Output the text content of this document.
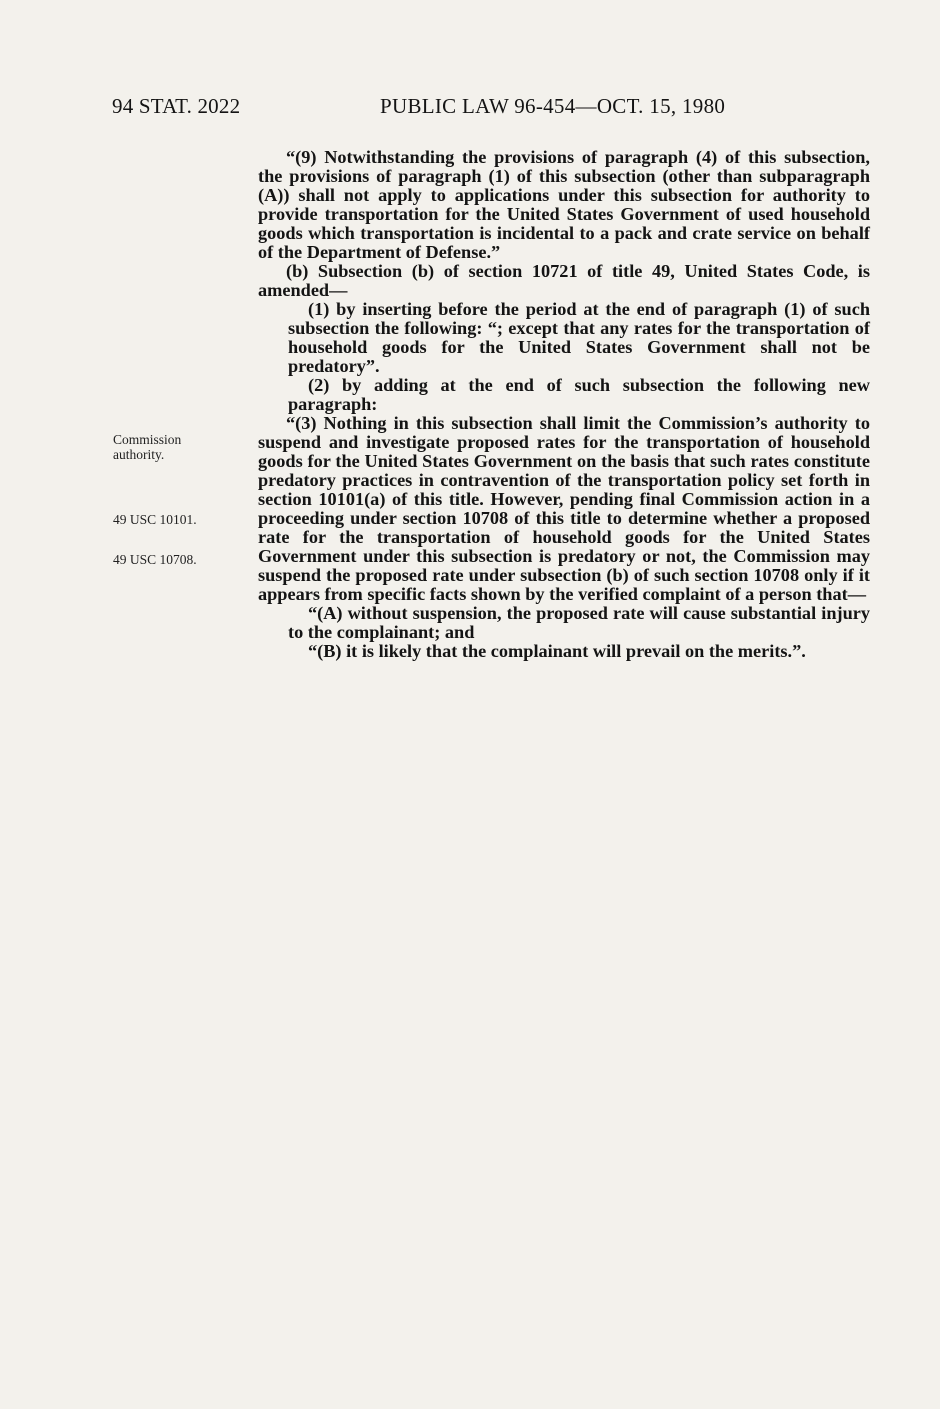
94 STAT. 2022	PUBLIC LAW 96-454—OCT. 15, 1980
Commission authority.
49 USC 10101.
49 USC 10708.

“(9) Notwithstanding the provisions of paragraph (4) of this subsection, the provisions of paragraph (1) of this subsection (other than subparagraph (A)) shall not apply to applications under this subsection for authority to provide transportation for the United States Government of used household goods which transportation is incidental to a pack and crate service on behalf of the Department of Defense.”

(b) Subsection (b) of section 10721 of title 49, United States Code, is amended—

(1) by inserting before the period at the end of paragraph (1) of such subsection the following: “; except that any rates for the transportation of household goods for the United States Government shall not be predatory”.

(2) by adding at the end of such subsection the following new paragraph:

“(3) Nothing in this subsection shall limit the Commission’s authority to suspend and investigate proposed rates for the transportation of household goods for the United States Government on the basis that such rates constitute predatory practices in contravention of the transportation policy set forth in section 10101(a) of this title. However, pending final Commission action in a proceeding under section 10708 of this title to determine whether a proposed rate for the transportation of household goods for the United States Government under this subsection is predatory or not, the Commission may suspend the proposed rate under subsection (b) of such section 10708 only if it appears from specific facts shown by the verified complaint of a person that—

“(A) without suspension, the proposed rate will cause substantial injury to the complainant; and

“(B) it is likely that the complainant will prevail on the merits.”.
